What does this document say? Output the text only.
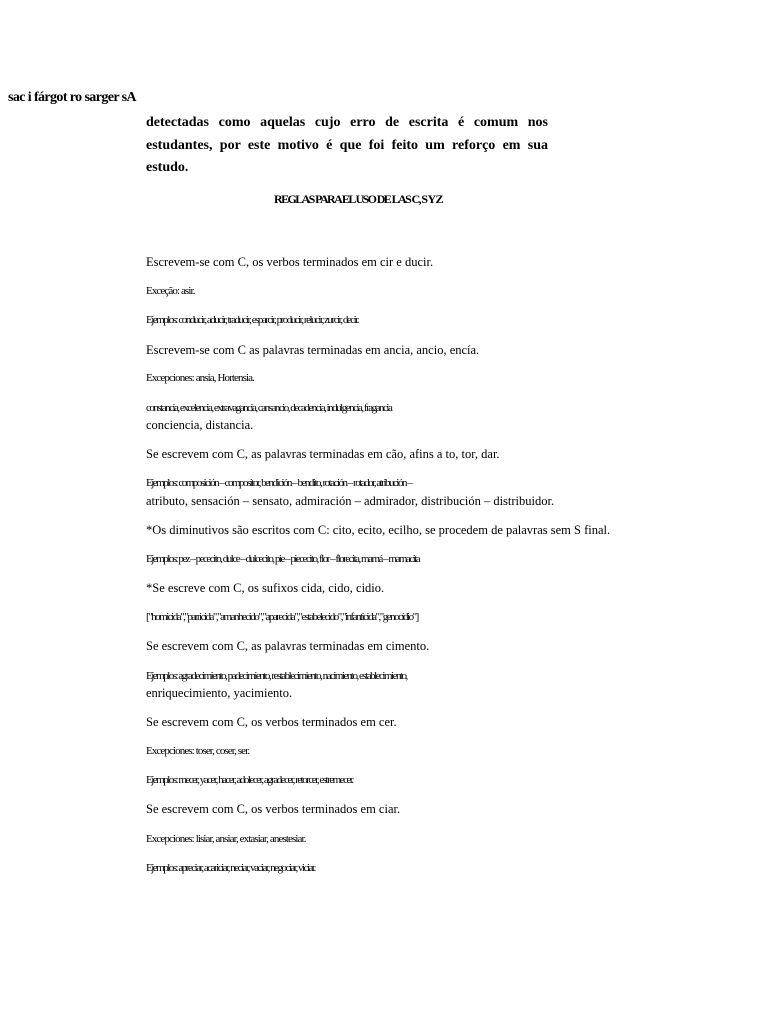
sac i fárgot ro sarger sA
detectadas como aquelas cujo erro de escrita é comum nos estudantes, por este motivo é que foi feito um reforço em sua estudo.
REGLAS PARA EL USO DE LAS C, S Y Z
Escrevem-se com C, os verbos terminados em cir e ducir.
Exceção: asir.
Ejemplos: conducir, aducir, traducir, esparcir, producir, relucir, zurcir, decir.
Escrevem-se com C as palavras terminadas em ancia, ancio, encía.
Excepciones: ansia, Hortensia.
constancia, excelencia, extravagancia, cansancio, decadencia, indulgencia, fragancia
conciencia, distancia.
Se escrevem com C, as palavras terminadas em cão, afins a to, tor, dar.
Ejemplos: composición – compositor, bendición – bendito, rotación – rotador, atribución –
atributo, sensación – sensato, admiración – admirador, distribución – distribuidor.
*Os diminutivos são escritos com C: cito, ecito, ecilho, se procedem de palavras sem S final.
Ejemplos: pez – pececito, dulce – dulcecito, pie – piececito, flor – florecita, mamá – mamacita
*Se escreve com C, os sufixos cida, cido, cidio.
["homicida","parricida","amanhecido","aparecida","estabelecido","infanticida","genocídio"]
Se escrevem com C, as palavras terminadas em cimento.
Ejemplos: agradecimiento, padecimiento, restablecimiento, nacimiento, establecimiento,
enriquecimiento, yacimiento.
Se escrevem com C, os verbos terminados em cer.
Excepciones: toser, coser, ser.
Ejemplos: mecer, yacer, hacer, adolecer, agradecer, retorcer, estremecer.
Se escrevem com C, os verbos terminados em ciar.
Excepciones: lisiar, ansiar, extasiar, anestesiar.
Ejemplos: apreciar, acariciar, neciar, vaciar, negociar, viciar.
